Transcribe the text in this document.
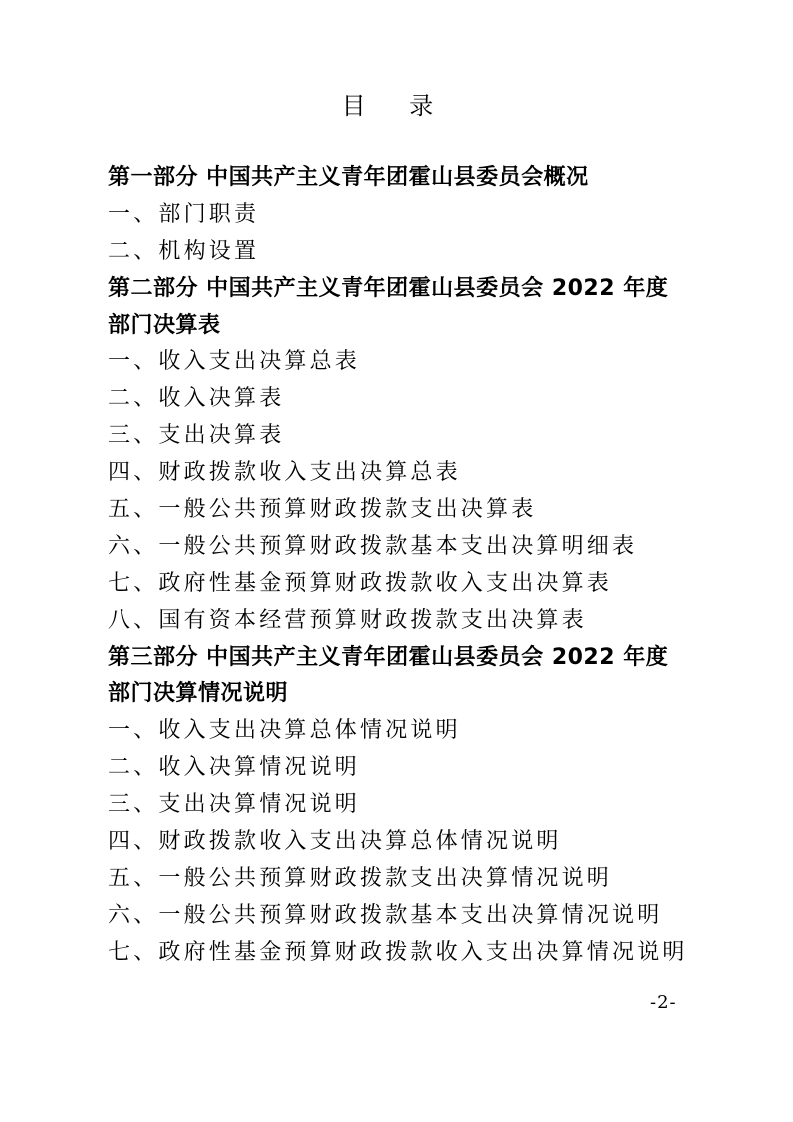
目 录
第一部分 中国共产主义青年团霍山县委员会概况
一、部门职责
二、机构设置
第二部分 中国共产主义青年团霍山县委员会 2022 年度
部门决算表
一、收入支出决算总表
二、收入决算表
三、支出决算表
四、财政拨款收入支出决算总表
五、一般公共预算财政拨款支出决算表
六、一般公共预算财政拨款基本支出决算明细表
七、政府性基金预算财政拨款收入支出决算表
八、国有资本经营预算财政拨款支出决算表
第三部分 中国共产主义青年团霍山县委员会 2022 年度
部门决算情况说明
一、收入支出决算总体情况说明
二、收入决算情况说明
三、支出决算情况说明
四、财政拨款收入支出决算总体情况说明
五、一般公共预算财政拨款支出决算情况说明
六、一般公共预算财政拨款基本支出决算情况说明
七、政府性基金预算财政拨款收入支出决算情况说明
-2-
